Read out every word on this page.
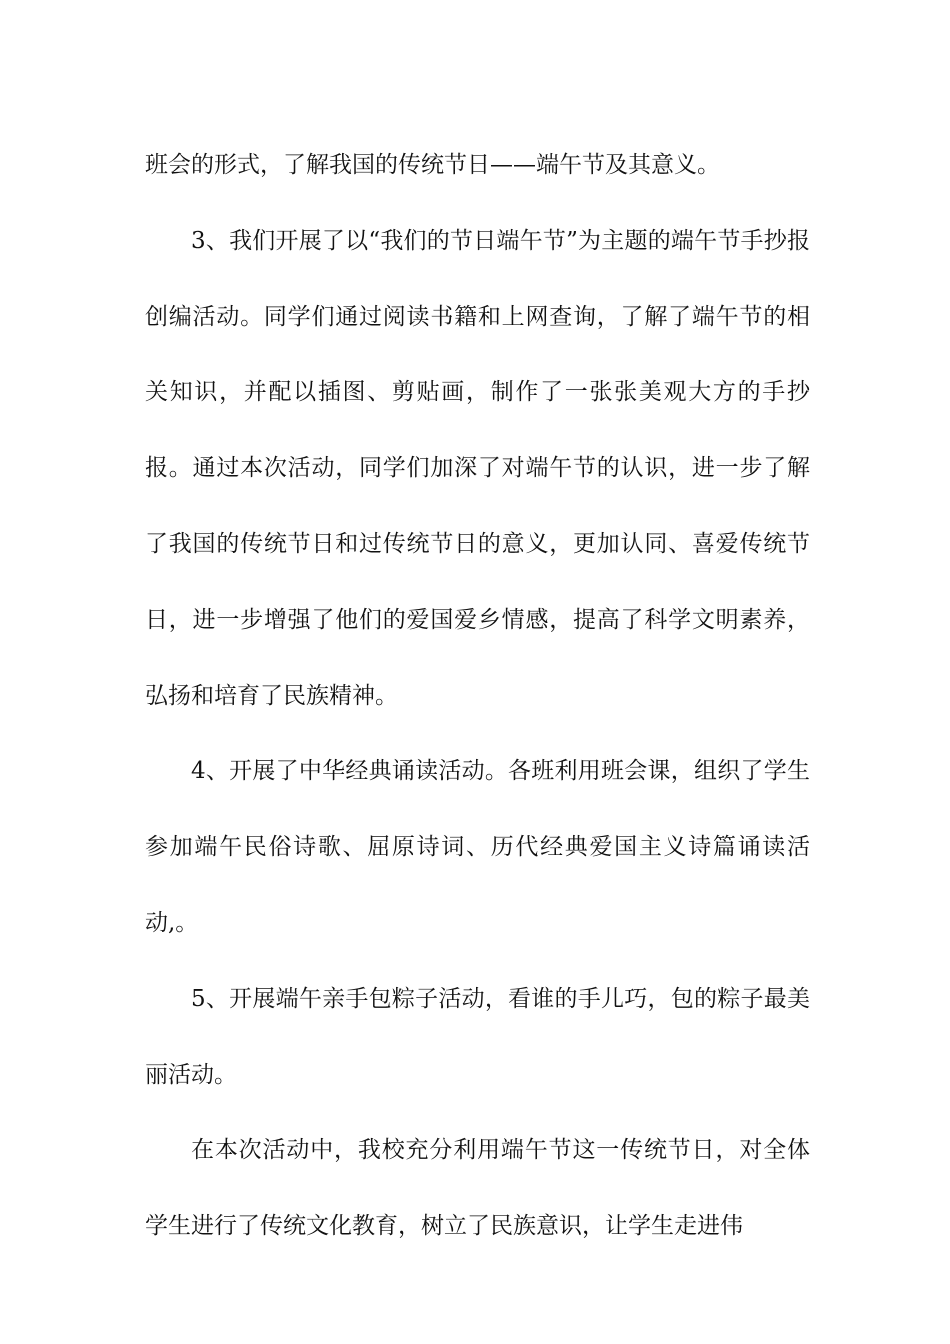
班会的形式，了解我国的传统节日——端午节及其意义。

3、我们开展了以“我们的节日端午节”为主题的端午节手抄报创编活动。同学们通过阅读书籍和上网查询，了解了端午节的相关知识，并配以插图、剪贴画，制作了一张张美观大方的手抄报。通过本次活动，同学们加深了对端午节的认识，进一步了解了我国的传统节日和过传统节日的意义，更加认同、喜爱传统节日，进一步增强了他们的爱国爱乡情感，提高了科学文明素养，弘扬和培育了民族精神。

4、开展了中华经典诵读活动。各班利用班会课，组织了学生参加端午民俗诗歌、屈原诗词、历代经典爱国主义诗篇诵读活动,。

5、开展端午亲手包粽子活动，看谁的手儿巧，包的粽子最美丽活动。

在本次活动中，我校充分利用端午节这一传统节日，对全体学生进行了传统文化教育，树立了民族意识，让学生走进伟
